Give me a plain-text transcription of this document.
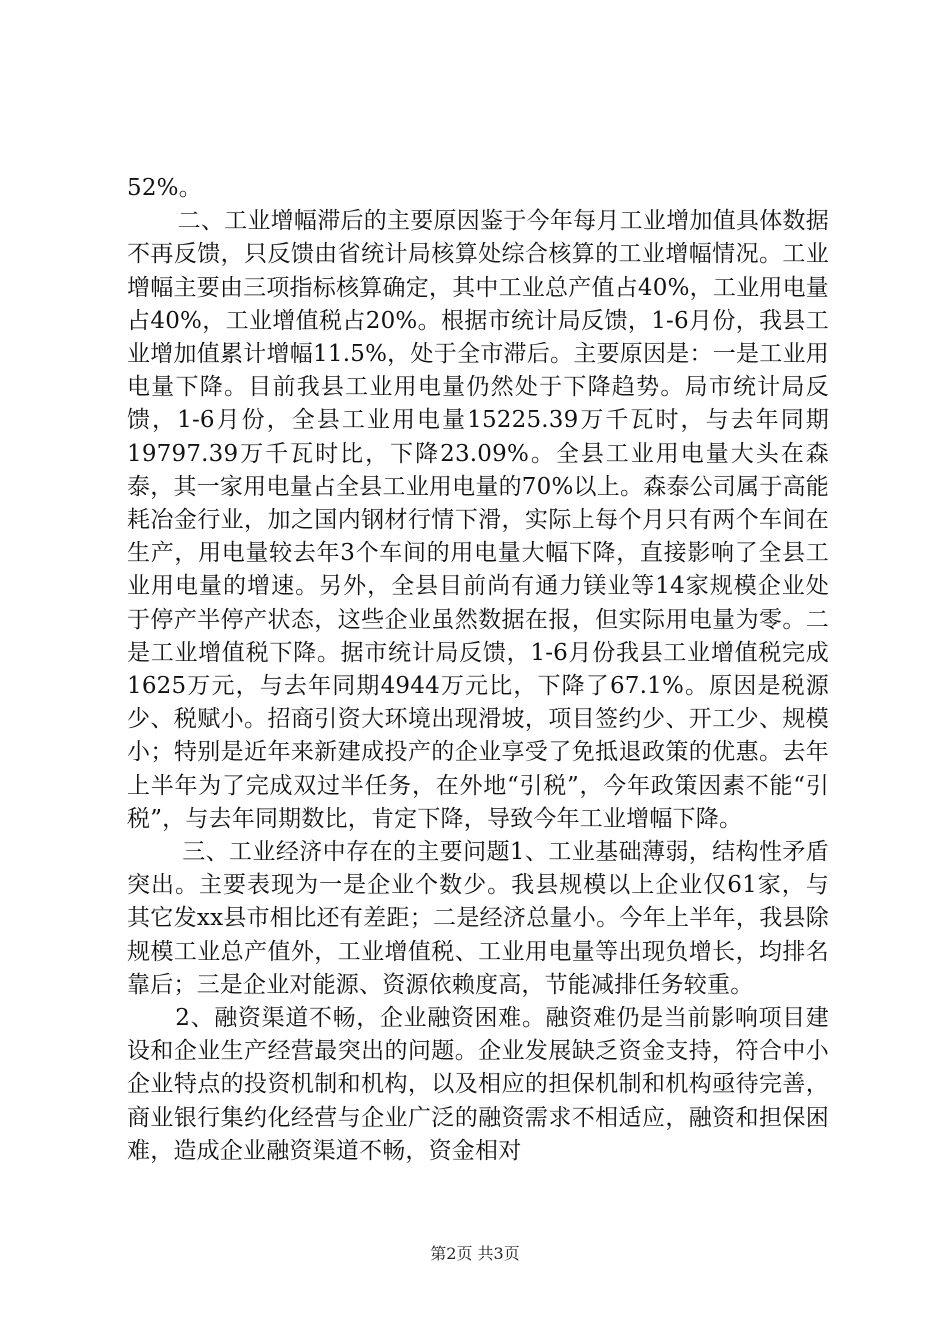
52%。

二、工业增幅滞后的主要原因鉴于今年每月工业增加值具体数据不再反馈，只反馈由省统计局核算处综合核算的工业增幅情况。工业增幅主要由三项指标核算确定，其中工业总产值占40%，工业用电量占40%，工业增值税占20%。根据市统计局反馈，1-6月份，我县工业增加值累计增幅11.5%，处于全市滞后。主要原因是：一是工业用电量下降。目前我县工业用电量仍然处于下降趋势。局市统计局反馈，1-6月份，全县工业用电量15225.39万千瓦时，与去年同期19797.39万千瓦时比，下降23.09%。全县工业用电量大头在森泰，其一家用电量占全县工业用电量的70%以上。森泰公司属于高能耗冶金行业，加之国内钢材行情下滑，实际上每个月只有两个车间在生产，用电量较去年3个车间的用电量大幅下降，直接影响了全县工业用电量的增速。另外，全县目前尚有通力镁业等14家规模企业处于停产半停产状态，这些企业虽然数据在报，但实际用电量为零。二是工业增值税下降。据市统计局反馈，1-6月份我县工业增值税完成1625万元，与去年同期4944万元比，下降了67.1%。原因是税源少、税赋小。招商引资大环境出现滑坡，项目签约少、开工少、规模小；特别是近年来新建成投产的企业享受了免抵退政策的优惠。去年上半年为了完成双过半任务，在外地“引税”，今年政策因素不能“引税”，与去年同期数比，肯定下降，导致今年工业增幅下降。

三、工业经济中存在的主要问题1、工业基础薄弱，结构性矛盾突出。主要表现为一是企业个数少。我县规模以上企业仅61家，与其它发xx县市相比还有差距；二是经济总量小。今年上半年，我县除规模工业总产值外，工业增值税、工业用电量等出现负增长，均排名靠后；三是企业对能源、资源依赖度高，节能减排任务较重。

2、融资渠道不畅，企业融资困难。融资难仍是当前影响项目建设和企业生产经营最突出的问题。企业发展缺乏资金支持，符合中小企业特点的投资机制和机构，以及相应的担保机制和机构亟待完善，商业银行集约化经营与企业广泛的融资需求不相适应，融资和担保困难，造成企业融资渠道不畅，资金相对

第2页 共3页
